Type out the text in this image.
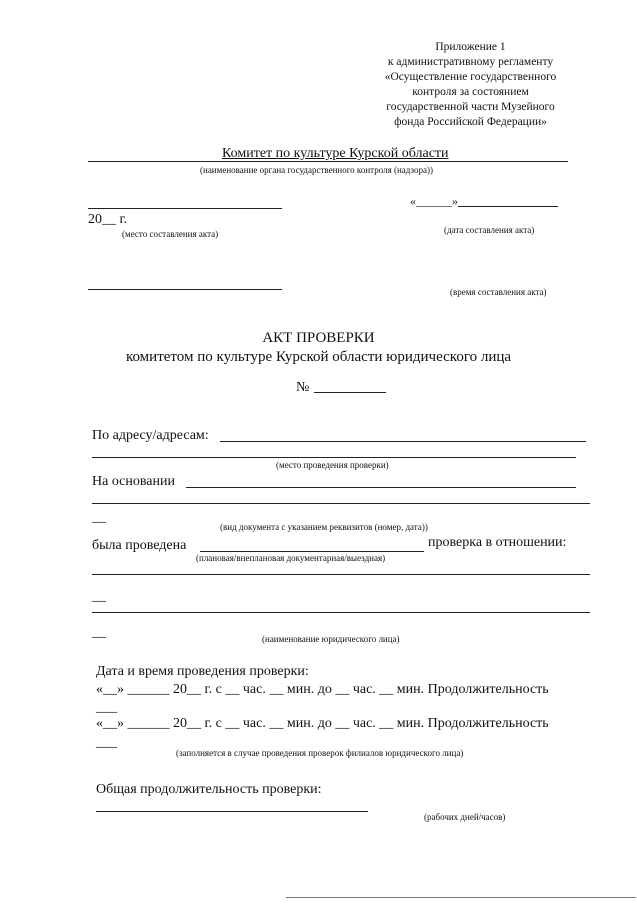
Приложение 1
к административному регламенту
«Осуществление государственного
контроля за состоянием
государственной части Музейного
фонда Российской Федерации»
Комитет по культуре Курской области
(наименование органа государственного контроля (надзора))
«______»
20__ г.
(место составления акта)	(дата составления акта)
(время составления акта)
АКТ ПРОВЕРКИ
комитетом по культуре Курской области юридического лица
№
По адресу/адресам:
(место проведения проверки)
На основании
__
(вид документа с указанием реквизитов (номер, дата))
была проведена	проверка в отношении:
(плановая/внеплановая документарная/выездная)
__
__	(наименование юридического лица)
Дата и время проведения проверки:
«__» ______ 20__ г. с __ час. __ мин. до __ час. __ мин. Продолжительность
___
«__» ______ 20__ г. с __ час. __ мин. до __ час. __ мин. Продолжительность
___
(заполняется в случае проведения проверок филиалов юридического лица)
Общая продолжительность проверки:
(рабочих дней/часов)
